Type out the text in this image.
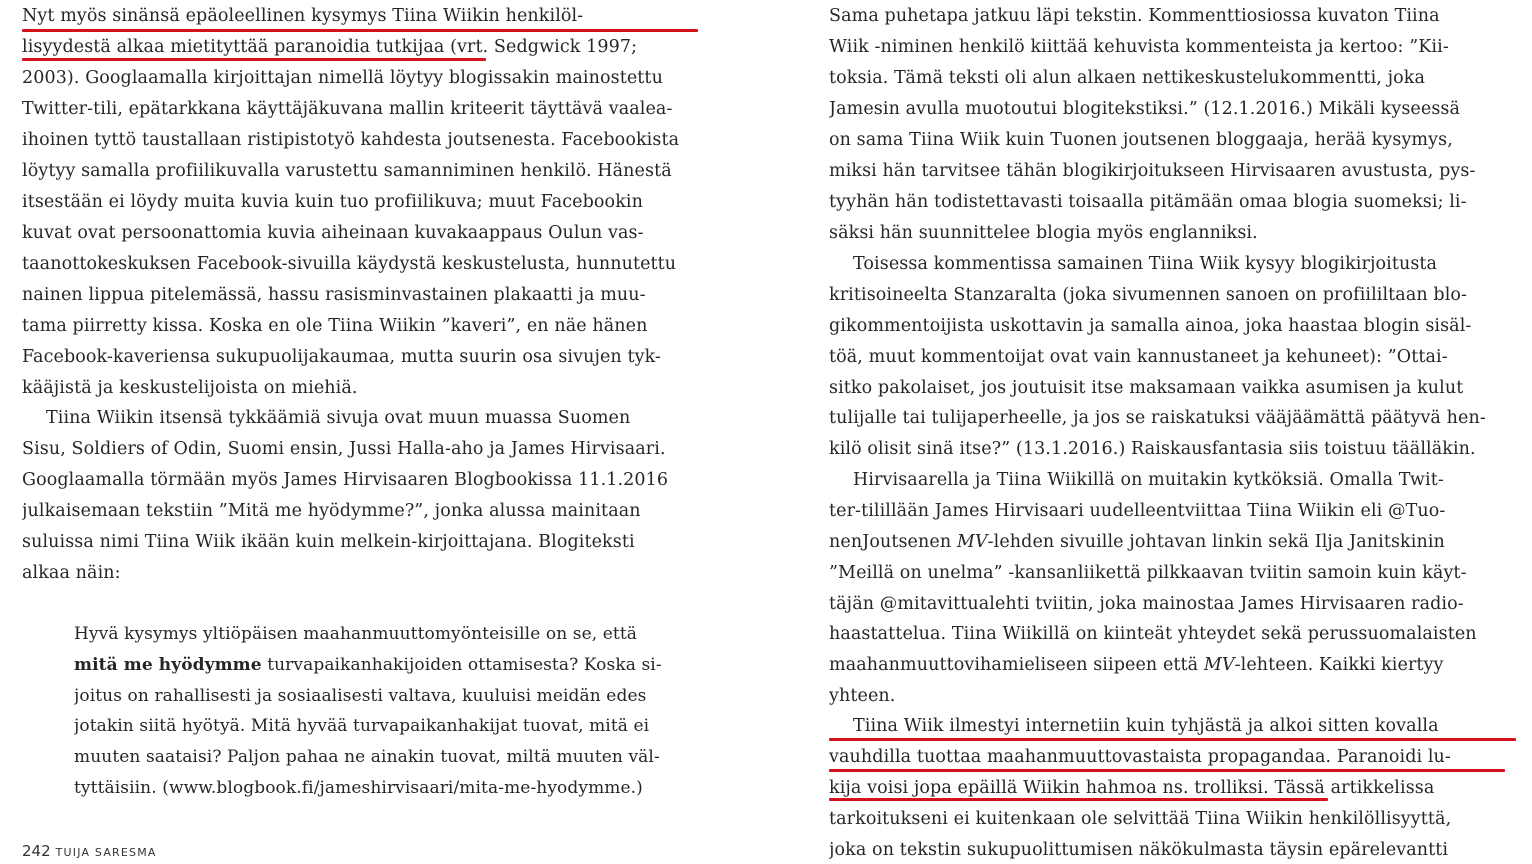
Nyt myös sinänsä epäoleellinen kysymys Tiina Wiikin henkilöl-
lisyydestä alkaa mietityttää paranoidia tutkijaa (vrt. Sedgwick 1997;
2003). Googlaamalla kirjoittajan nimellä löytyy blogissakin mainostettu
Twitter-tili, epätarkkana käyttäjäkuvana mallin kriteerit täyttävä vaalea-
ihoinen tyttö taustallaan ristipistotyö kahdesta joutsenesta. Facebookista
löytyy samalla profiilikuvalla varustettu samanniminen henkilö. Hänestä
itsestään ei löydy muita kuvia kuin tuo profiilikuva; muut Facebookin
kuvat ovat persoonattomia kuvia aiheinaan kuvakaappaus Oulun vas-
taanottokeskuksen Facebook-sivuilla käydystä keskustelusta, hunnutettu
nainen lippua pitelemässä, hassu rasisminvastainen plakaatti ja muu-
tama piirretty kissa. Koska en ole Tiina Wiikin ”kaveri”, en näe hänen
Facebook-kaveriensa sukupuolijakaumaa, mutta suurin osa sivujen tyk-
kääjistä ja keskustelijoista on miehiä.
Tiina Wiikin itsensä tykkäämiä sivuja ovat muun muassa Suomen
Sisu, Soldiers of Odin, Suomi ensin, Jussi Halla-aho ja James Hirvisaari.
Googlaamalla törmään myös James Hirvisaaren Blogbookissa 11.1.2016
julkaisemaan tekstiin ”Mitä me hyödymme?”, jonka alussa mainitaan
suluissa nimi Tiina Wiik ikään kuin melkein-kirjoittajana. Blogiteksti
alkaa näin:
Hyvä kysymys yltiöpäisen maahanmuuttomyönteisille on se, että
mitä me hyödymme turvapaikanhakijoiden ottamisesta? Koska si-
joitus on rahallisesti ja sosiaalisesti valtava, kuuluisi meidän edes
jotakin siitä hyötyä. Mitä hyvää turvapaikanhakijat tuovat, mitä ei
muuten saataisi? Paljon pahaa ne ainakin tuovat, miltä muuten väl-
tyttäisiin. (www.blogbook.fi/jameshirvisaari/mita-me-hyodymme.)
242 TUIJA SARESMA
Sama puhetapa jatkuu läpi tekstin. Kommenttiosiossa kuvaton Tiina
Wiik -niminen henkilö kiittää kehuvista kommenteista ja kertoo: ”Kii-
toksia. Tämä teksti oli alun alkaen nettikeskustelukommentti, joka
Jamesin avulla muotoutui blogitekstiksi.” (12.1.2016.) Mikäli kyseessä
on sama Tiina Wiik kuin Tuonen joutsenen bloggaaja, herää kysymys,
miksi hän tarvitsee tähän blogikirjoitukseen Hirvisaaren avustusta, pys-
tyyhän hän todistettavasti toisaalla pitämään omaa blogia suomeksi; li-
säksi hän suunnittelee blogia myös englanniksi.
Toisessa kommentissa samainen Tiina Wiik kysyy blogikirjoitusta
kritisoineelta Stanzaralta (joka sivumennen sanoen on profiililtaan blo-
gikommentoijista uskottavin ja samalla ainoa, joka haastaa blogin sisäl-
töä, muut kommentoijat ovat vain kannustaneet ja kehuneet): ”Ottai-
sitko pakolaiset, jos joutuisit itse maksamaan vaikka asumisen ja kulut
tulijalle tai tulijaperheelle, ja jos se raiskatuksi vääjäämättä päätyvä hen-
kilö olisit sinä itse?” (13.1.2016.) Raiskausfantasia siis toistuu täälläkin.
Hirvisaarella ja Tiina Wiikillä on muitakin kytköksiä. Omalla Twit-
ter-tilillään James Hirvisaari uudelleentviittaa Tiina Wiikin eli @Tuo-
nenJoutsenen MV-lehden sivuille johtavan linkin sekä Ilja Janitskinin
”Meillä on unelma” -kansanliikettä pilkkaavan tviitin samoin kuin käyt-
täjän @mitavittualehti tviitin, joka mainostaa James Hirvisaaren radio-
haastattelua. Tiina Wiikillä on kiinteät yhteydet sekä perussuomalaisten
maahanmuuttovihamieliseen siipeen että MV-lehteen. Kaikki kiertyy
yhteen.
Tiina Wiik ilmestyi internetiin kuin tyhjästä ja alkoi sitten kovalla
vauhdilla tuottaa maahanmuuttovastaista propagandaa. Paranoidi lu-
kija voisi jopa epäillä Wiikin hahmoa ns. trolliksi. Tässä artikkelissa
tarkoitukseni ei kuitenkaan ole selvittää Tiina Wiikin henkilöllisyyttä,
joka on tekstin sukupuolittumisen näkökulmasta täysin epärelevantti
